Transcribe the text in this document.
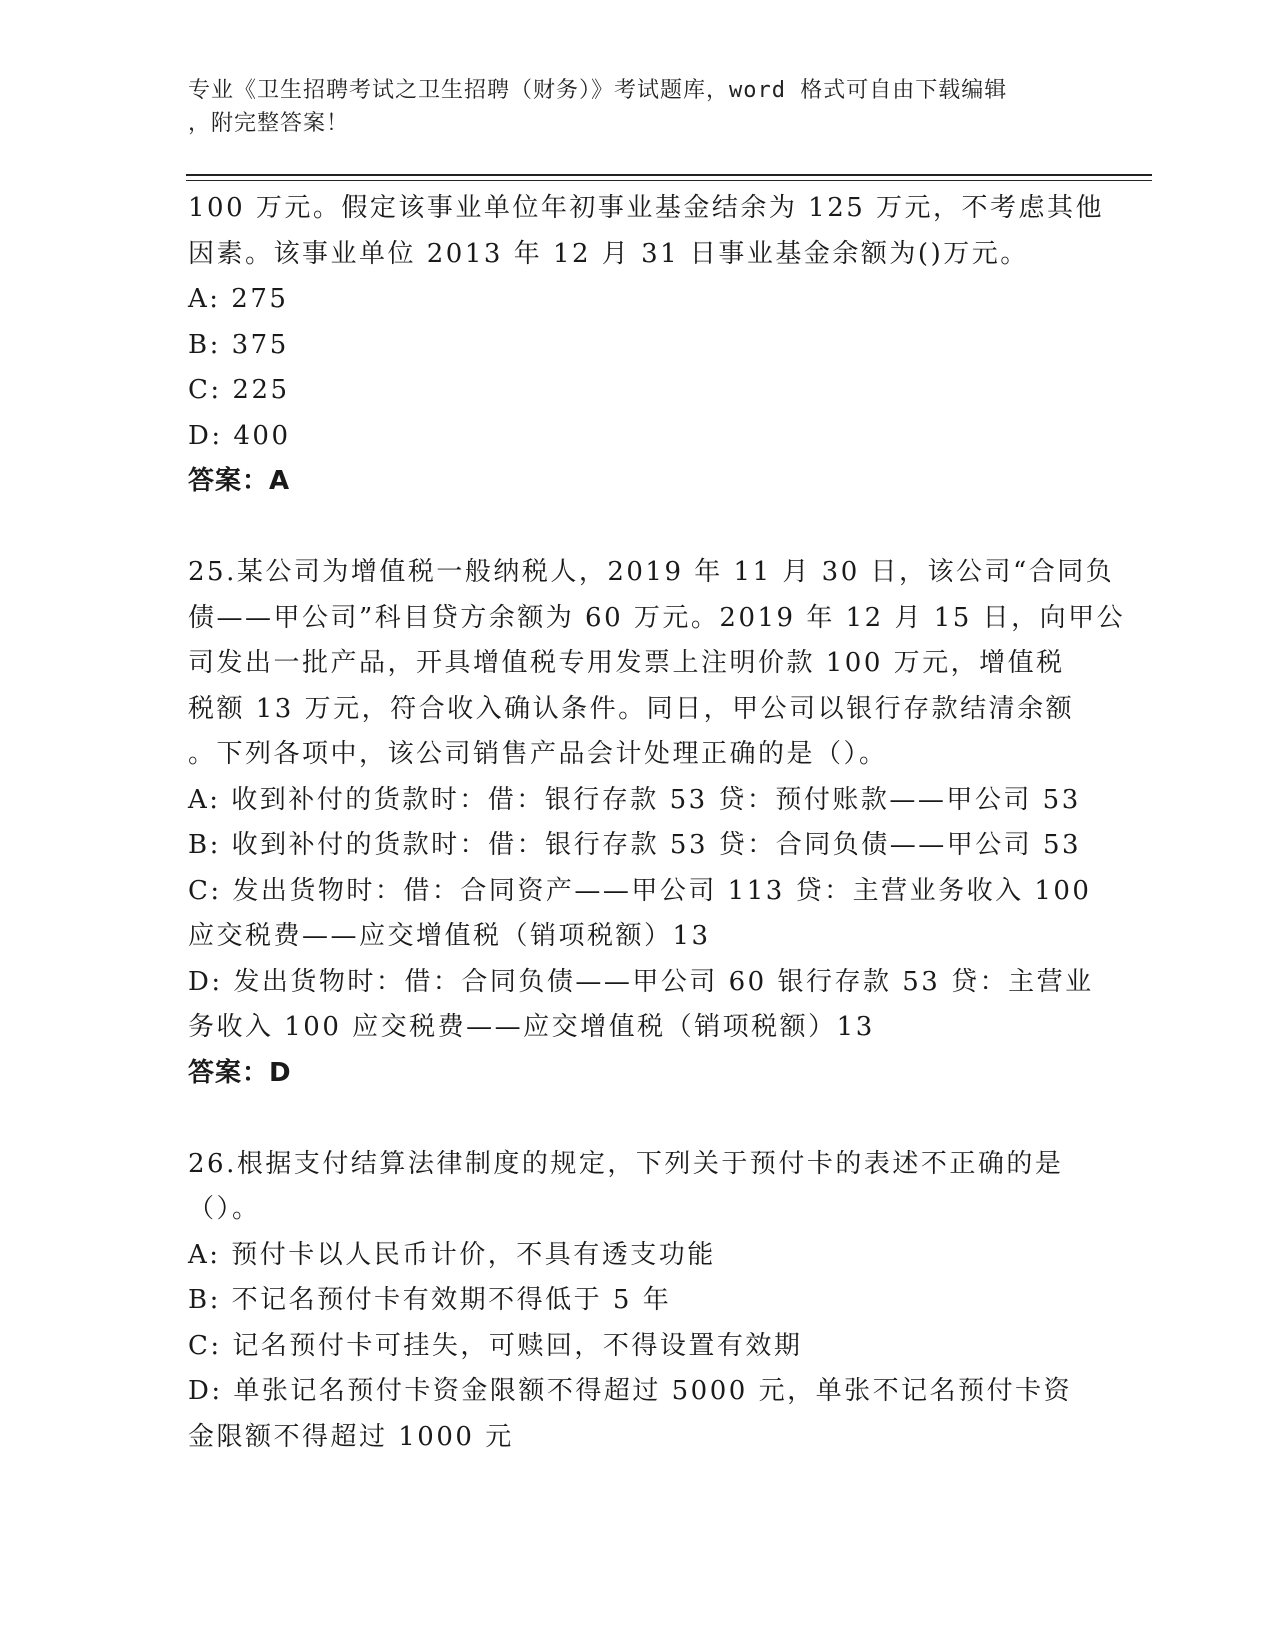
专业《卫生招聘考试之卫生招聘（财务）》考试题库，word 格式可自由下载编辑
，附完整答案！
100 万元。假定该事业单位年初事业基金结余为 125 万元，不考虑其他
因素。该事业单位 2013 年 12 月 31 日事业基金余额为()万元。
A: 275
B: 375
C: 225
D: 400
答案：A
25.某公司为增值税一般纳税人，2019 年 11 月 30 日，该公司“合同负
债——甲公司”科目贷方余额为 60 万元。2019 年 12 月 15 日，向甲公
司发出一批产品，开具增值税专用发票上注明价款 100 万元，增值税
税额 13 万元，符合收入确认条件。同日，甲公司以银行存款结清余额
。下列各项中，该公司销售产品会计处理正确的是（）。
A: 收到补付的货款时：借：银行存款 53 贷：预付账款——甲公司 53
B: 收到补付的货款时：借：银行存款 53 贷：合同负债——甲公司 53
C: 发出货物时：借：合同资产——甲公司 113 贷：主营业务收入 100
应交税费——应交增值税（销项税额）13
D: 发出货物时：借：合同负债——甲公司 60 银行存款 53 贷：主营业
务收入 100 应交税费——应交增值税（销项税额）13
答案：D
26.根据支付结算法律制度的规定，下列关于预付卡的表述不正确的是
（）。
A: 预付卡以人民币计价，不具有透支功能
B: 不记名预付卡有效期不得低于 5 年
C: 记名预付卡可挂失，可赎回，不得设置有效期
D: 单张记名预付卡资金限额不得超过 5000 元，单张不记名预付卡资
金限额不得超过 1000 元
